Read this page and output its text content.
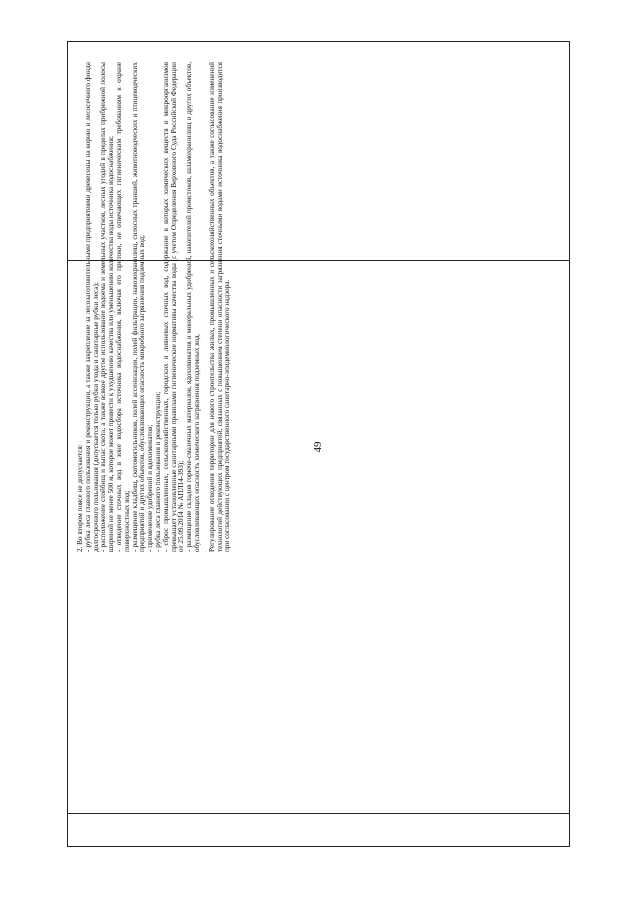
49

2. Во втором поясе не допускается: - рубка леса главного пользования и реконструкции, а также закрепление за лесозаготовительными предприятиями древесины на корню и лесосечного фонда долгосрочного пользования (допускается только рубки ухода и санитарные рубки леса); - расположение стойбищ и выпас скота, а также всякое другое использование водоема и земельных участков, лесных угодий в пределах прибрежной полосы шириной не менее 500 м, которое может привести к ухудшению качества или уменьшению количества воды источника водоснабжения; - отведение сточных вод в зоне водосбора источника водоснабжения, включая его притоки, не отвечающих гигиеническим требованиям к охране поверхностных вод; - размещение кладбищ, скотомогильников, полей ассенизации, полей фильтрации, навозохранилищ, силосных траншей, животноводческих и птицеводческих предприятий и других объектов, обусловливающих опасность микробного загрязнения подземных вод; - применение удобрений и ядохимикатов; - рубка леса главного пользования и реконструкции; - сброс промышленных, сельскохозяйственных, городских и ливневых сточных вод, содержание в которых химических веществ и микроорганизмов превышает установленные санитарными правилами гигиенические нормативы качества воды (с учетом Определения Верховного Суда Российской Федерации от 25.09.2014 № АПЛ14-393); - размещение складов горюче-смазочных материалов, ядохимикатов и минеральных удобрений, накопителей промстоков, шламохранилищ и других объектов, обусловливающих опасность химического загрязнения подземных вод. Регулирование отведения территории для нового строительства жилых, промышленных и сельскохозяйственных объектов, а также согласование изменений технологий действующих предприятий, связанных с повышением степени опасности загрязнения сточными водами источника водоснабжения производится при согласовании с центром государственного санитарно-эпидемиологического надзора.
